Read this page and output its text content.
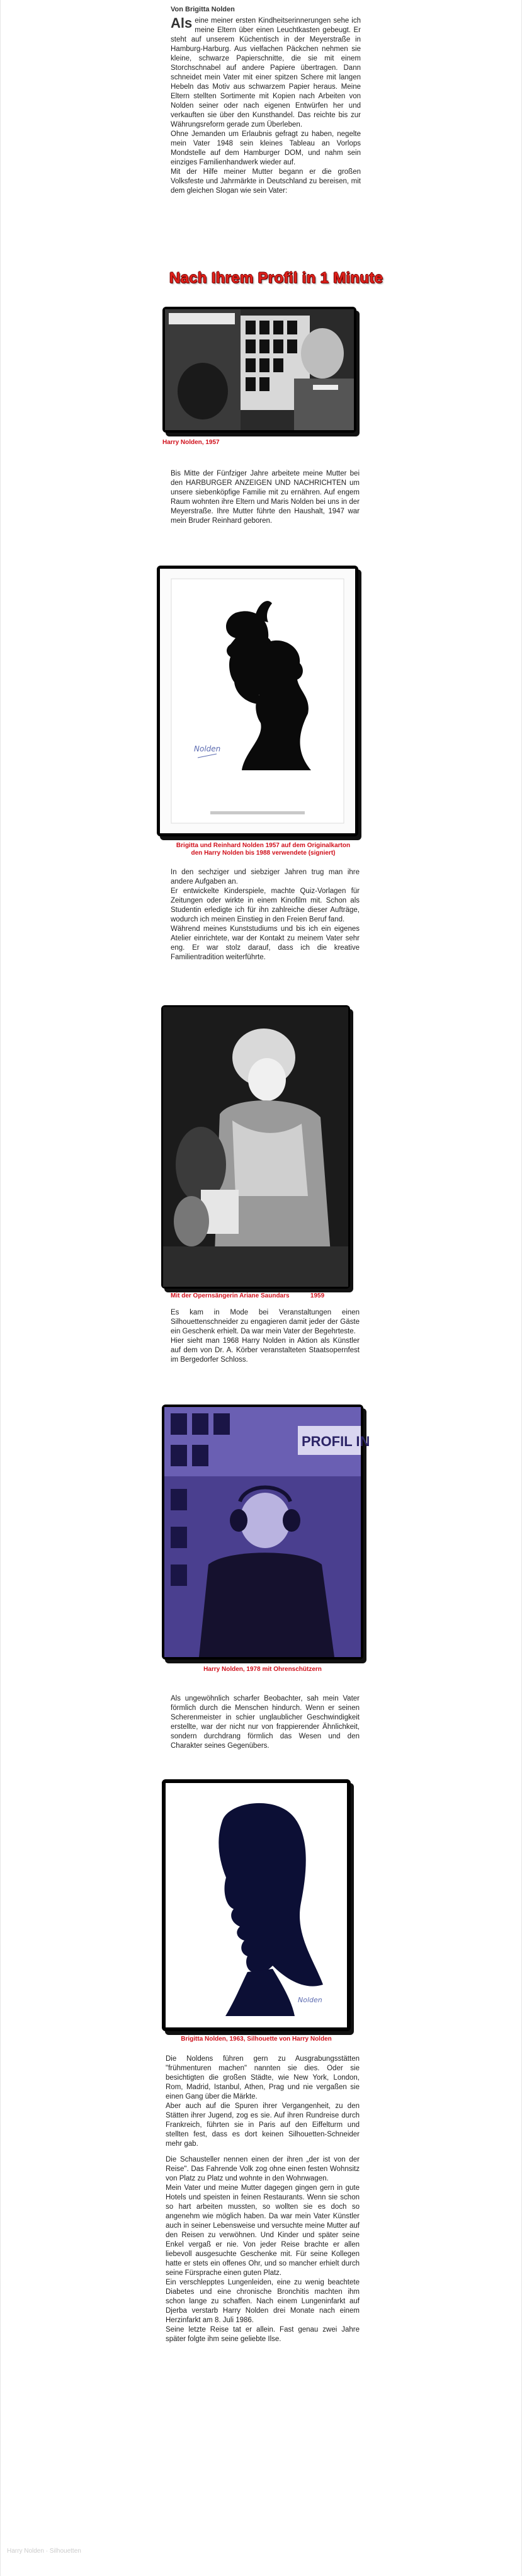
Von Brigitta Nolden

Als eine meiner ersten Kindheitserinnerungen sehe ich meine Eltern über einen Leuchtkasten gebeugt. Er steht auf unserem Küchentisch in der Meyerstraße in Hamburg-Harburg. Aus vielfachen Päckchen nehmen sie kleine, schwarze Papierschnitte, die sie mit einem Storchschnabel auf andere Papiere übertragen. Dann schneidet mein Vater mit einer spitzen Schere mit langen Hebeln das Motiv aus schwarzem Papier heraus. Meine Eltern stellten Sortimente mit Kopien nach Arbeiten von Nolden seiner oder nach eigenen Entwürfen her und verkauften sie über den Kunsthandel. Das reichte bis zur Währungsreform gerade zum Überleben.

Ohne Jemanden um Erlaubnis gefragt zu haben, negelte mein Vater 1948 sein kleines Tableau an Vorlops Mondstelle auf dem Hamburger DOM, und nahm sein einziges Familienhandwerk wieder auf.

Mit der Hilfe meiner Mutter begann er die großen Volksfeste und Jahrmärkte in Deutschland zu bereisen, mit dem gleichen Slogan wie sein Vater:

Nach Ihrem Profil in 1 Minute
Harry Nolden, 1957

Bis Mitte der Fünfziger Jahre arbeitete meine Mutter bei den HARBURGER ANZEIGEN UND NACHRICHTEN um unsere siebenköpfige Familie mit zu ernähren. Auf engem Raum wohnten ihre Eltern und Maris Nolden bei uns in der Meyerstraße. Ihre Mutter führte den Haushalt, 1947 war mein Bruder Reinhard geboren.

Nolden
Brigitta und Reinhard Nolden 1957 auf dem Originalkarton
den Harry Nolden bis 1988 verwendete (signiert)

In den sechziger und siebziger Jahren trug man ihre andere Aufgaben an.

Er entwickelte Kinderspiele, machte Quiz-Vorlagen für Zeitungen oder wirkte in einem Kinofilm mit. Schon als Studentin erledigte ich für ihn zahlreiche dieser Aufträge, wodurch ich meinen Einstieg in den Freien Beruf fand.

Während meines Kunststudiums und bis ich ein eigenes Atelier einrichtete, war der Kontakt zu meinem Vater sehr eng. Er war stolz darauf, dass ich die kreative Familientradition weiterführte.

Mit der Opernsängerin Ariane Saundars            1959

Es kam in Mode bei Veranstaltungen einen Silhouettenschneider zu engagieren damit jeder der Gäste ein Geschenk erhielt. Da war mein Vater der Begehrteste.

Hier sieht man 1968 Harry Nolden in Aktion als Künstler auf dem von Dr. A. Körber veranstalteten Staatsopernfest im Bergedorfer Schloss.

PROFIL IN
Harry Nolden, 1978 mit Ohrenschützern

Als ungewöhnlich scharfer Beobachter, sah mein Vater förmlich durch die Menschen hindurch. Wenn er seinen Scherenmeister in schier unglaublicher Geschwindigkeit erstellte, war der nicht nur von frappierender Ähnlichkeit, sondern durchdrang förmlich das Wesen und den Charakter seines Gegenübers.

Nolden
Brigitta Nolden, 1963, Silhouette von Harry Nolden

Die Noldens führen gern zu Ausgrabungsstätten "frühmenturen machen" nannten sie dies. Oder sie besichtigten die großen Städte, wie New York, London, Rom, Madrid, Istanbul, Athen, Prag und nie vergaßen sie einen Gang über die Märkte.

Aber auch auf die Spuren ihrer Vergangenheit, zu den Stätten ihrer Jugend, zog es sie. Auf ihren Rundreise durch Frankreich, führten sie in Paris auf den Eiffelturm und stellten fest, dass es dort keinen Silhouetten-Schneider mehr gab.

Die Schausteller nennen einen der ihren „der ist von der Reise". Das Fahrende Volk zog ohne einen festen Wohnsitz von Platz zu Platz und wohnte in den Wohnwagen.

Mein Vater und meine Mutter dagegen gingen gern in gute Hotels und speisten in feinen Restaurants. Wenn sie schon so hart arbeiten mussten, so wollten sie es doch so angenehm wie möglich haben. Da war mein Vater Künstler auch in seiner Lebensweise und versuchte meine Mutter auf den Reisen zu verwöhnen. Und Kinder und später seine Enkel vergaß er nie. Von jeder Reise brachte er allen liebevoll ausgesuchte Geschenke mit. Für seine Kollegen hatte er stets ein offenes Ohr, und so mancher erhielt durch seine Fürsprache einen guten Platz.

Ein verschlepptes Lungenleiden, eine zu wenig beachtete Diabetes und eine chronische Bronchitis machten ihm schon lange zu schaffen. Nach einem Lungeninfarkt auf Djerba verstarb Harry Nolden drei Monate nach einem Herzinfarkt am 8. Juli 1986.

Seine letzte Reise tat er allein. Fast genau zwei Jahre später folgte ihm seine geliebte Ilse.

Harry Nolden · Silhouetten
